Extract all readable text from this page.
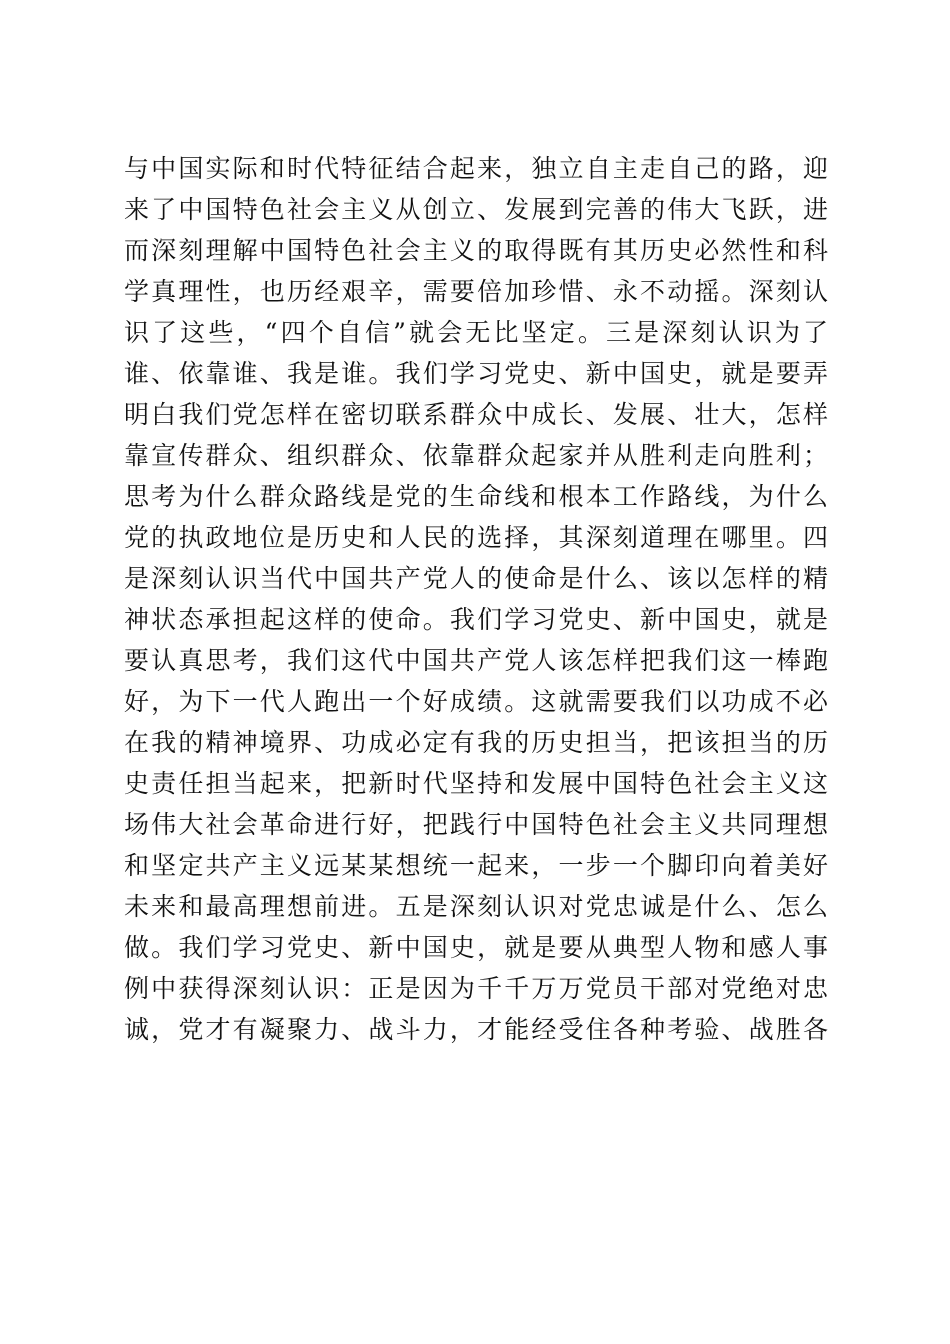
与中国实际和时代特征结合起来，独立自主走自己的路，迎
来了中国特色社会主义从创立、发展到完善的伟大飞跃，进
而深刻理解中国特色社会主义的取得既有其历史必然性和科
学真理性，也历经艰辛，需要倍加珍惜、永不动摇。深刻认
识了这些，“四个自信”就会无比坚定。三是深刻认识为了
谁、依靠谁、我是谁。我们学习党史、新中国史，就是要弄
明白我们党怎样在密切联系群众中成长、发展、壮大，怎样
靠宣传群众、组织群众、依靠群众起家并从胜利走向胜利；
思考为什么群众路线是党的生命线和根本工作路线，为什么
党的执政地位是历史和人民的选择，其深刻道理在哪里。四
是深刻认识当代中国共产党人的使命是什么、该以怎样的精
神状态承担起这样的使命。我们学习党史、新中国史，就是
要认真思考，我们这代中国共产党人该怎样把我们这一棒跑
好，为下一代人跑出一个好成绩。这就需要我们以功成不必
在我的精神境界、功成必定有我的历史担当，把该担当的历
史责任担当起来，把新时代坚持和发展中国特色社会主义这
场伟大社会革命进行好，把践行中国特色社会主义共同理想
和坚定共产主义远某某想统一起来，一步一个脚印向着美好
未来和最高理想前进。五是深刻认识对党忠诚是什么、怎么
做。我们学习党史、新中国史，就是要从典型人物和感人事
例中获得深刻认识：正是因为千千万万党员干部对党绝对忠
诚，党才有凝聚力、战斗力，才能经受住各种考验、战胜各
